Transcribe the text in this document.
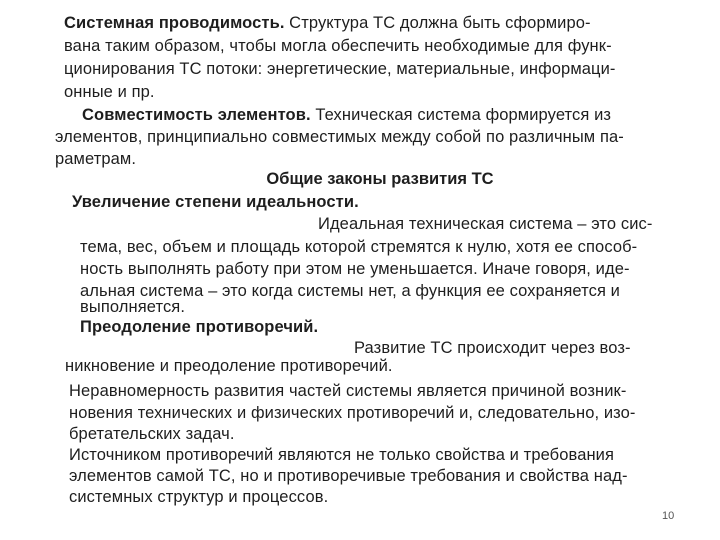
Системная проводимость. Структура ТС должна быть сформиро-
вана таким образом, чтобы могла обеспечить необходимые для функ-
ционирования ТС потоки: энергетические, материальные, информаци-
онные и пр.
Совместимость элементов. Техническая система формируется из
элементов, принципиально совместимых между собой по различным па-
раметрам.
Общие законы развития ТС
Увеличение степени идеальности.
Идеальная техническая система – это сис-
тема, вес, объем и площадь которой стремятся к нулю, хотя ее способ-
ность выполнять работу при этом не уменьшается. Иначе говоря, иде-
альная система – это когда системы нет, а функция ее сохраняется и
выполняется.
Преодоление противоречий.
Развитие ТС происходит через воз-
никновение и преодоление противоречий.
Неравномерность развития частей системы является причиной возник-
новения технических и физических противоречий и, следовательно, изо-
бретательских задач.
Источником противоречий являются не только свойства и требования
элементов самой ТС, но и противоречивые требования и свойства над-
системных структур и процессов.
10
